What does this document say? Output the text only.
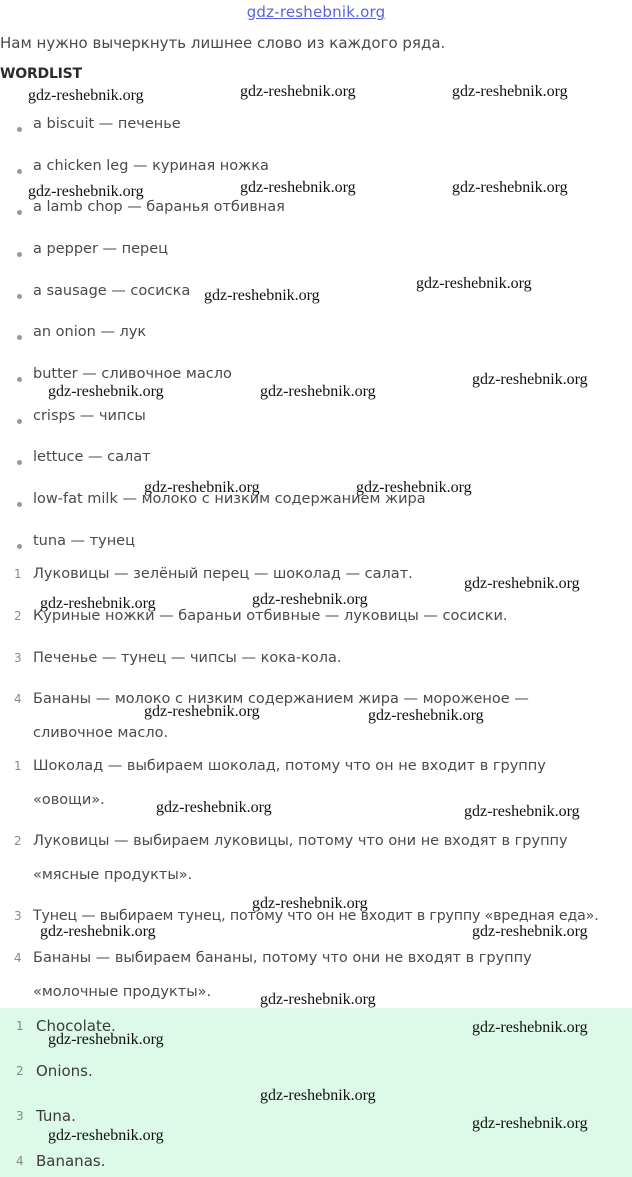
gdz-reshebnik.org
Нам нужно вычеркнуть лишнее слово из каждого ряда.
WORDLIST
a biscuit — печенье
a chicken leg — куриная ножка
a lamb chop — баранья отбивная
a pepper — перец
a sausage — сосиска
an onion — лук
butter — сливочное масло
crisps — чипсы
lettuce — салат
low-fat milk — молоко с низким содержанием жира
tuna — тунец
1 Луковицы — зелёный перец — шоколад — салат.
2 Куриные ножки — бараньи отбивные — луковицы — сосиски.
3 Печенье — тунец — чипсы — кока-кола.
4 Бананы — молоко с низким содержанием жира — мороженое —
сливочное масло.
1 Шоколад — выбираем шоколад, потому что он не входит в группу
«овощи».
2 Луковицы — выбираем луковицы, потому что они не входят в группу
«мясные продукты».
3 Тунец — выбираем тунец, потому что он не входит в группу «вредная еда».
4 Бананы — выбираем бананы, потому что они не входят в группу
«молочные продукты».
1 Chocolate.
2 Onions.
3 Tuna.
4 Bananas.
gdz-reshebnik.org	gdz-reshebnik.org	gdz-reshebnik.org
gdz-reshebnik.org	gdz-reshebnik.org	gdz-reshebnik.org
gdz-reshebnik.org
gdz-reshebnik.org
gdz-reshebnik.org	gdz-reshebnik.org
gdz-reshebnik.org
gdz-reshebnik.org	gdz-reshebnik.org
gdz-reshebnik.org
gdz-reshebnik.org	gdz-reshebnik.org
gdz-reshebnik.org	gdz-reshebnik.org
gdz-reshebnik.org	gdz-reshebnik.org
gdz-reshebnik.org
gdz-reshebnik.org	gdz-reshebnik.org
gdz-reshebnik.org
gdz-reshebnik.org
gdz-reshebnik.org
gdz-reshebnik.org
gdz-reshebnik.org
gdz-reshebnik.org
